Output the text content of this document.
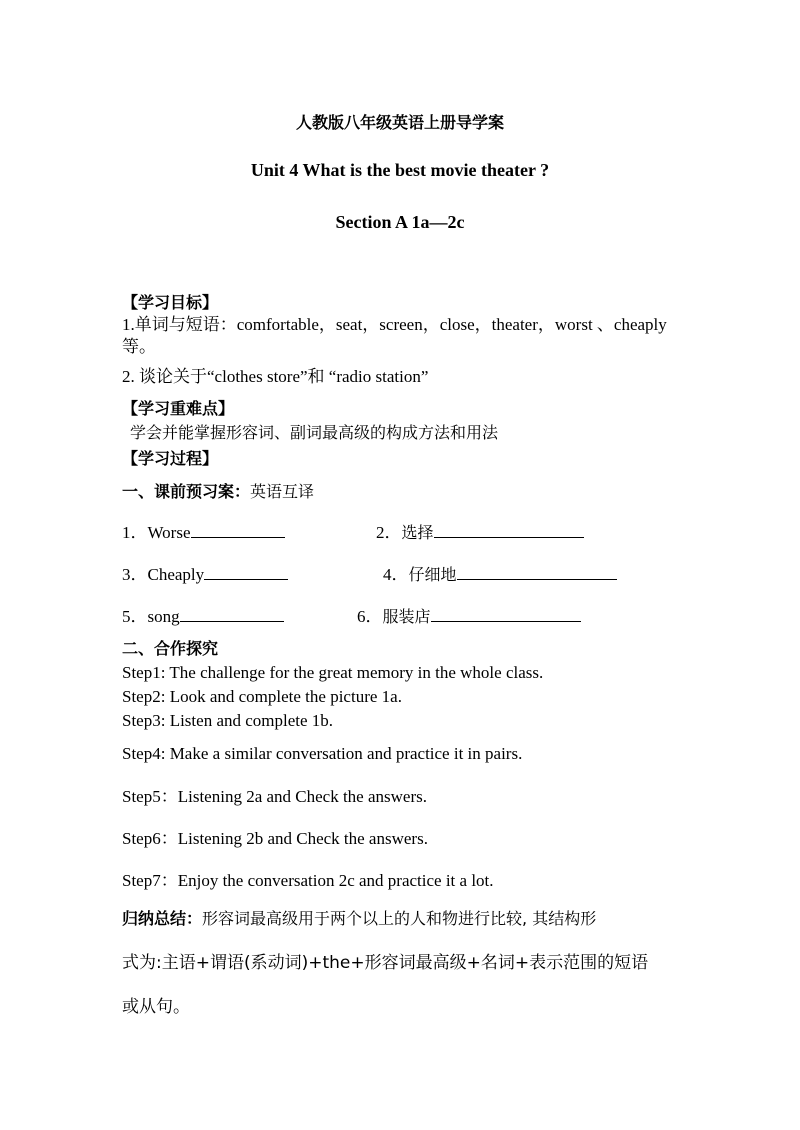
人教版八年级英语上册导学案
Unit 4 What is the best movie theater ?
Section A 1a—2c
【学习目标】
1.单词与短语：comfortable，seat，screen，close，theater，worst 、cheaply
等。
2. 谈论关于“clothes store”和 “radio station”
【学习重难点】
学会并能掌握形容词、副词最高级的构成方法和用法
【学习过程】
一、课前预习案：英语互译
1．Worse	2．选择
3．Cheaply	4．仔细地
5．song	6．服装店
二、合作探究
Step1: The challenge for the great memory in the whole class.
Step2: Look and complete the picture 1a.
Step3: Listen and complete 1b.
Step4: Make a similar conversation and practice it in pairs.
Step5：Listening 2a and Check the answers.
Step6：Listening 2b and Check the answers.
Step7：Enjoy the conversation 2c and practice it a lot.
归纳总结：形容词最高级用于两个以上的人和物进行比较, 其结构形
式为:主语+谓语(系动词)+the+形容词最高级+名词+表示范围的短语
或从句。
